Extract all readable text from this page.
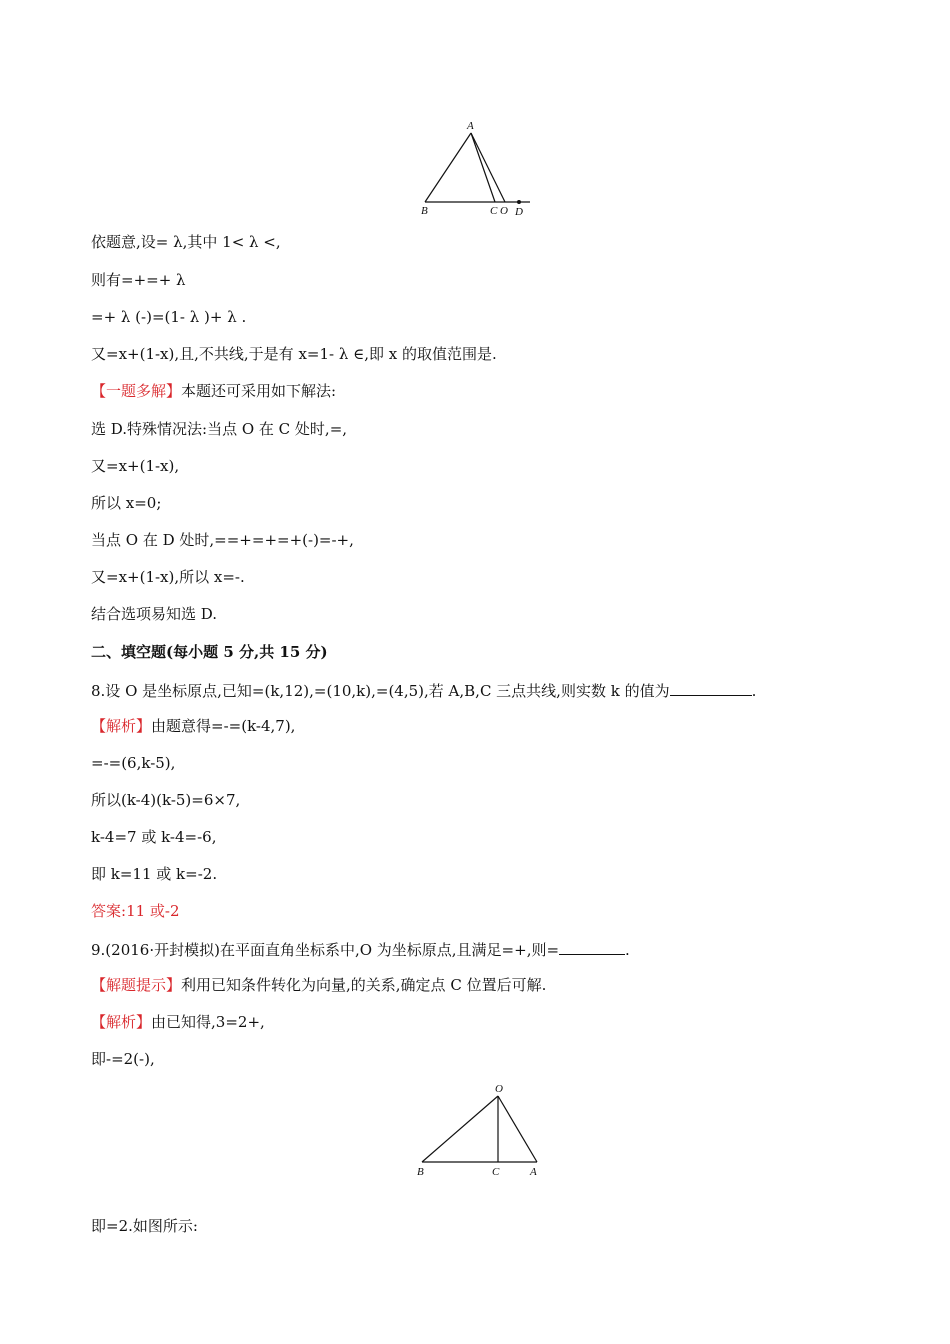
A
B	C O D
依题意,设= λ,其中 1< λ <,
则有=+=+ λ
=+ λ (-)=(1- λ )+ λ .
又=x+(1-x),且,不共线,于是有 x=1- λ ∈,即 x 的取值范围是.
【一题多解】本题还可采用如下解法:
选 D.特殊情况法:当点 O 在 C 处时,=,
又=x+(1-x),
所以 x=0;
当点 O 在 D 处时,==+=+=+(-)=-+,
又=x+(1-x),所以 x=-.
结合选项易知选 D.
二、填空题(每小题 5 分,共 15 分)
8.设 O 是坐标原点,已知=(k,12),=(10,k),=(4,5),若 A,B,C 三点共线,则实数 k 的值为	.
【解析】由题意得=-=(k-4,7),
=-=(6,k-5),
所以(k-4)(k-5)=6×7,
k-4=7 或 k-4=-6,
即 k=11 或 k=-2.
答案:11 或-2
9.(2016·开封模拟)在平面直角坐标系中,O 为坐标原点,且满足=+,则=	.
【解题提示】利用已知条件转化为向量,的关系,确定点 C 位置后可解.
【解析】由已知得,3=2+,
即-=2(-),
O
B	C	A
即=2.如图所示:
